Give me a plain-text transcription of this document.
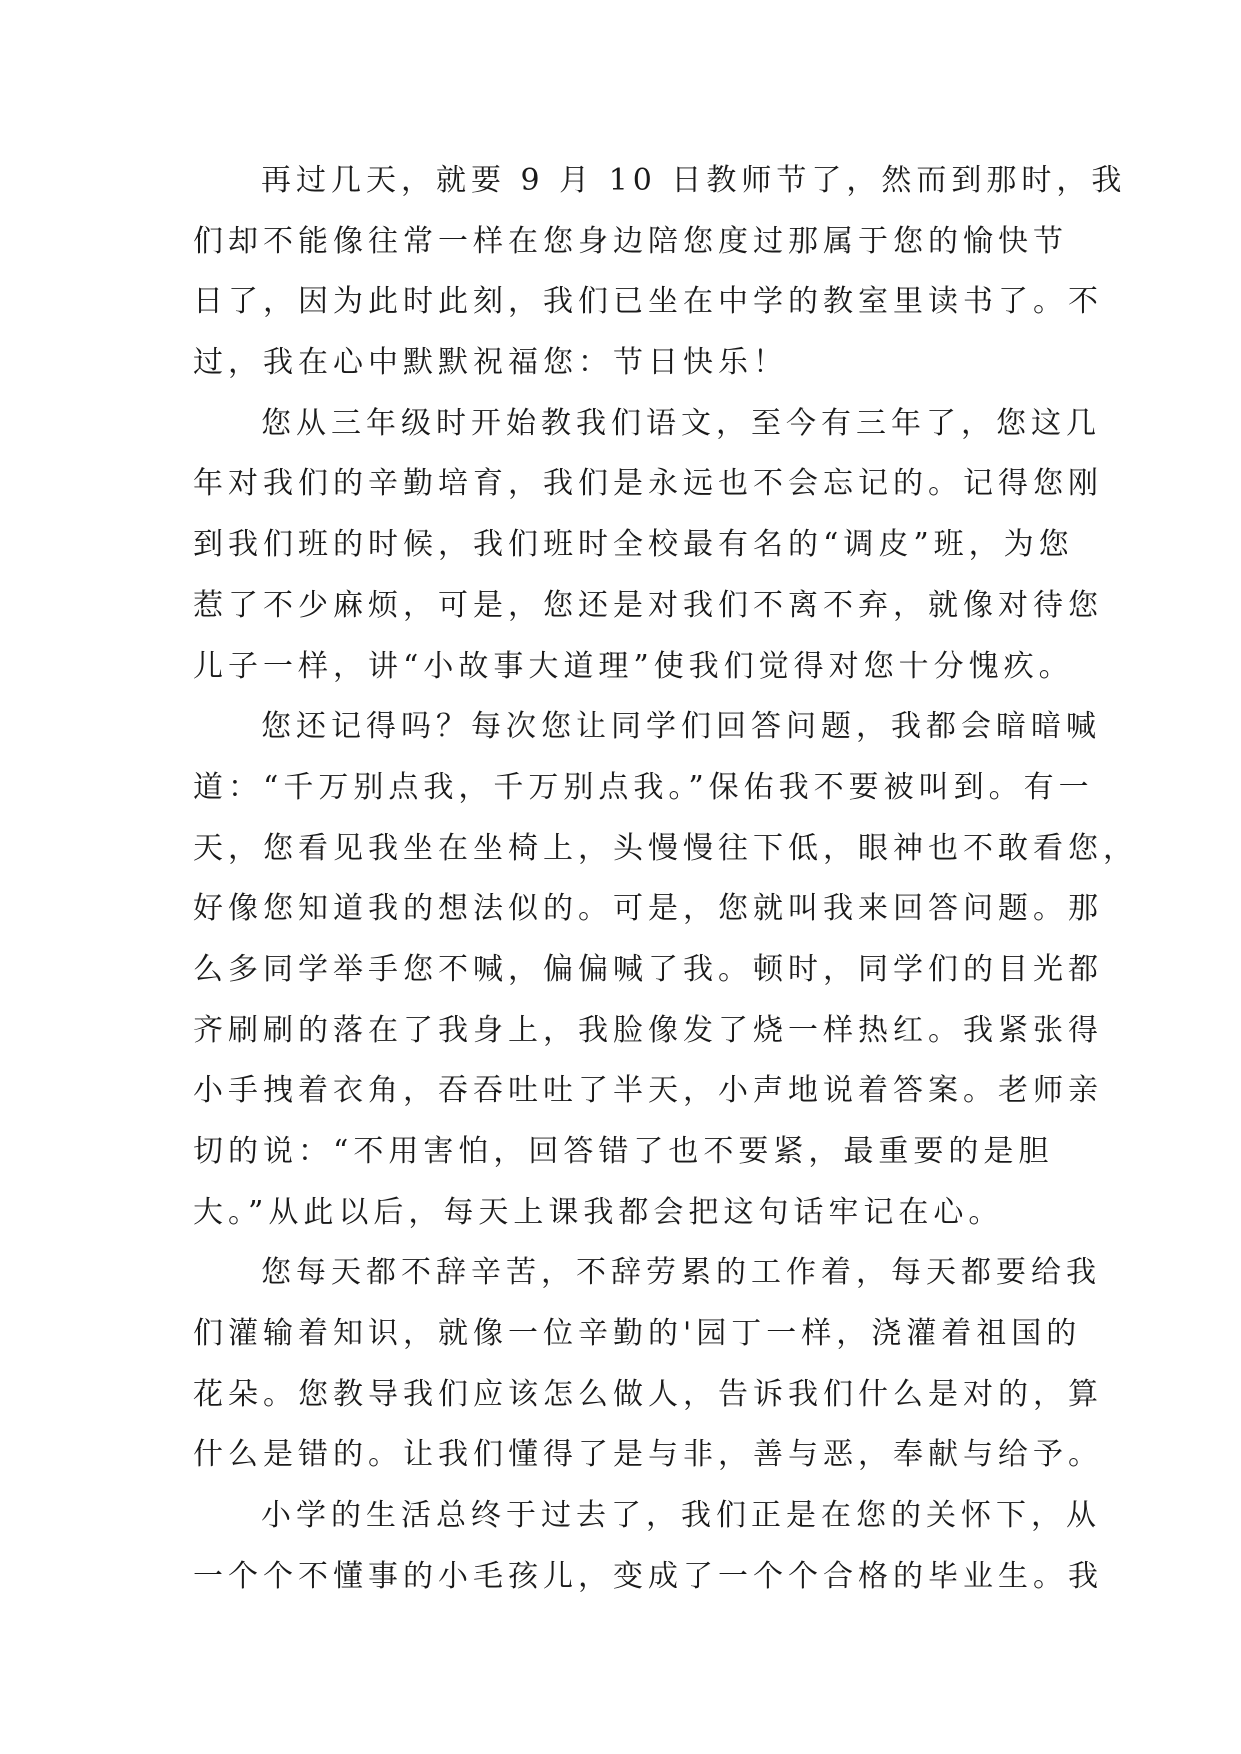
再过几天，就要 9 月 10 日教师节了，然而到那时，我
们却不能像往常一样在您身边陪您度过那属于您的愉快节
日了，因为此时此刻，我们已坐在中学的教室里读书了。不
过，我在心中默默祝福您：节日快乐！
您从三年级时开始教我们语文，至今有三年了，您这几
年对我们的辛勤培育，我们是永远也不会忘记的。记得您刚
到我们班的时候，我们班时全校最有名的“调皮”班，为您
惹了不少麻烦，可是，您还是对我们不离不弃，就像对待您
儿子一样，讲“小故事大道理”使我们觉得对您十分愧疚。
您还记得吗？每次您让同学们回答问题，我都会暗暗喊
道：“千万别点我，千万别点我。”保佑我不要被叫到。有一
天，您看见我坐在坐椅上，头慢慢往下低，眼神也不敢看您，
好像您知道我的想法似的。可是，您就叫我来回答问题。那
么多同学举手您不喊，偏偏喊了我。顿时，同学们的目光都
齐刷刷的落在了我身上，我脸像发了烧一样热红。我紧张得
小手拽着衣角，吞吞吐吐了半天，小声地说着答案。老师亲
切的说：“不用害怕，回答错了也不要紧，最重要的是胆
大。”从此以后，每天上课我都会把这句话牢记在心。
您每天都不辞辛苦，不辞劳累的工作着，每天都要给我
们灌输着知识，就像一位辛勤的'园丁一样，浇灌着祖国的
花朵。您教导我们应该怎么做人，告诉我们什么是对的，算
什么是错的。让我们懂得了是与非，善与恶，奉献与给予。
小学的生活总终于过去了，我们正是在您的关怀下，从
一个个不懂事的小毛孩儿，变成了一个个合格的毕业生。我
